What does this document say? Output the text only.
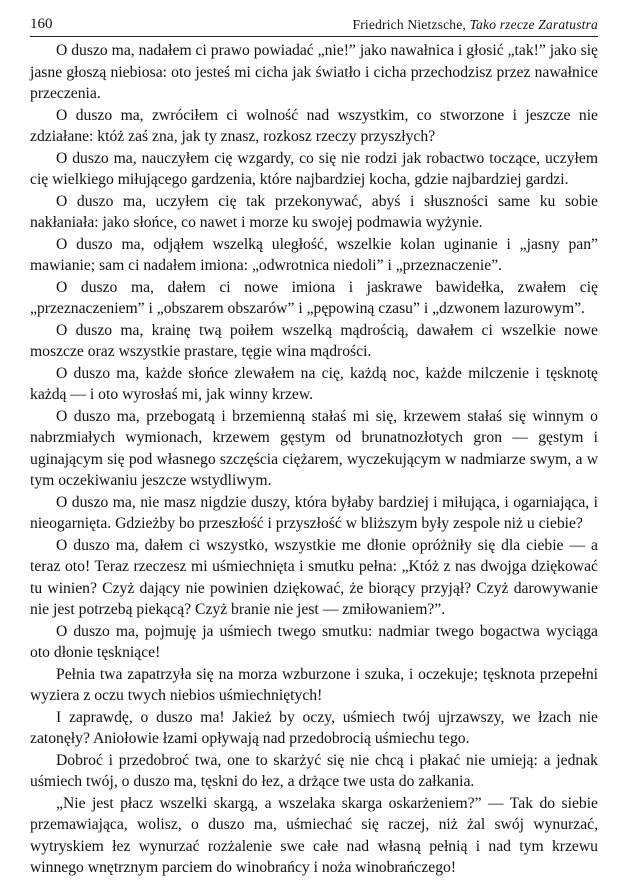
160	Friedrich Nietzsche, Tako rzecze Zaratustra

O duszo ma, nadałem ci prawo powiadać „nie!” jako nawałnica i głosić „tak!” jako się jasne głoszą niebiosa: oto jesteś mi cicha jak światło i cicha przechodzisz przez nawałnice przeczenia.

O duszo ma, zwróciłem ci wolność nad wszystkim, co stworzone i jeszcze nie zdziałane: któż zaś zna, jak ty znasz, rozkosz rzeczy przyszłych?

O duszo ma, nauczyłem cię wzgardy, co się nie rodzi jak robactwo toczące, uczyłem cię wielkiego miłującego gardzenia, które najbardziej kocha, gdzie najbardziej gardzi.

O duszo ma, uczyłem cię tak przekonywać, abyś i słuszności same ku sobie nakłaniała: jako słońce, co nawet i morze ku swojej podmawia wyżynie.

O duszo ma, odjąłem wszelką uległość, wszelkie kolan uginanie i „jasny pan” mawianie; sam ci nadałem imiona: „odwrotnica niedoli” i „przeznaczenie”.

O duszo ma, dałem ci nowe imiona i jaskrawe bawidełka, zwałem cię „przeznaczeniem” i „obszarem obszarów” i „pępowiną czasu” i „dzwonem lazurowym”.

O duszo ma, krainę twą poiłem wszelką mądrością, dawałem ci wszelkie nowe moszcze oraz wszystkie prastare, tęgie wina mądrości.

O duszo ma, każde słońce zlewałem na cię, każdą noc, każde milczenie i tęsknotę każdą — i oto wyrosłaś mi, jak winny krzew.

O duszo ma, przebogatą i brzemienną stałaś mi się, krzewem stałaś się winnym o nabrzmiałych wymionach, krzewem gęstym od brunatnozłotych gron — gęstym i uginającym się pod własnego szczęścia ciężarem, wyczekującym w nadmiarze swym, a w tym oczekiwaniu jeszcze wstydliwym.

O duszo ma, nie masz nigdzie duszy, która byłaby bardziej i miłująca, i ogarniająca, i nieogarnięta. Gdzieżby bo przeszłość i przyszłość w bliższym były zespole niż u ciebie?

O duszo ma, dałem ci wszystko, wszystkie me dłonie opróżniły się dla ciebie — a teraz oto! Teraz rzeczesz mi uśmiechnięta i smutku pełna: „Któż z nas dwojga dziękować tu winien? Czyż dający nie powinien dziękować, że biorący przyjął? Czyż darowywanie nie jest potrzebą piekącą? Czyż branie nie jest — zmiłowaniem?”.

O duszo ma, pojmuję ja uśmiech twego smutku: nadmiar twego bogactwa wyciąga oto dłonie tęskniące!

Pełnia twa zapatrzyła się na morza wzburzone i szuka, i oczekuje; tęsknota przepełni wyziera z oczu twych niebios uśmiechniętych!

I zaprawdę, o duszo ma! Jakież by oczy, uśmiech twój ujrzawszy, we łzach nie zatonęły? Aniołowie łzami opływają nad przedobrocią uśmiechu tego.

Dobroć i przedobroć twa, one to skarżyć się nie chcą i płakać nie umieją: a jednak uśmiech twój, o duszo ma, tęskni do łez, a drżące twe usta do załkania.

„Nie jest płacz wszelki skargą, a wszelaka skarga oskarżeniem?” — Tak do siebie przemawiająca, wolisz, o duszo ma, uśmiechać się raczej, niż żal swój wynurzać, wytryskiem łez wynurzać rozżalenie swe całe nad własną pełnią i nad tym krzewu winnego wnętrznym parciem do winobrańcy i noża winobrańczego!
